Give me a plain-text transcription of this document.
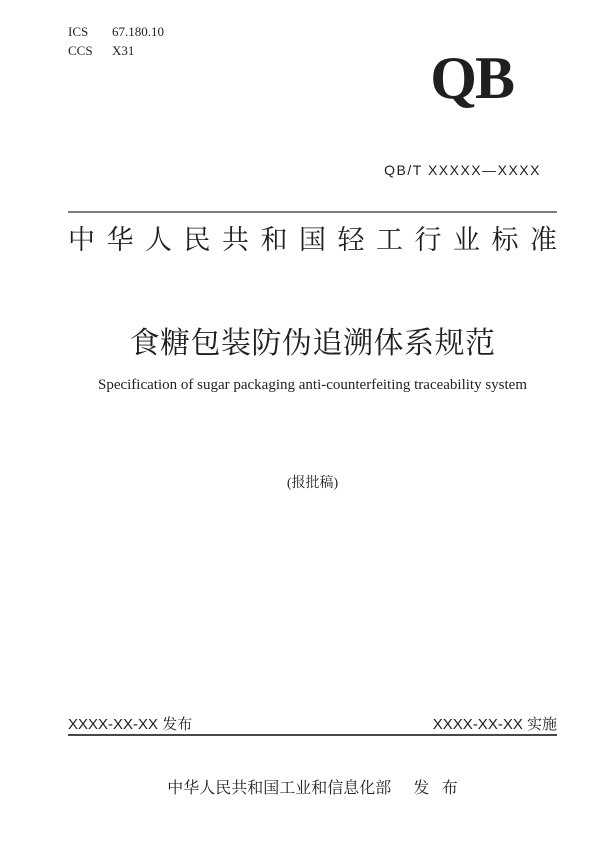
ICS	67.180.10
CCS	X31	QB
QB/T XXXXX—XXXX
中 华 人 民 共 和 国 轻 工 行 业 标 准
食糖包装防伪追溯体系规范
Specification of sugar packaging anti-counterfeiting traceability system
(报批稿)
XXXX-XX-XX 发布	XXXX-XX-XX 实施
中华人民共和国工业和信息化部 发 布
